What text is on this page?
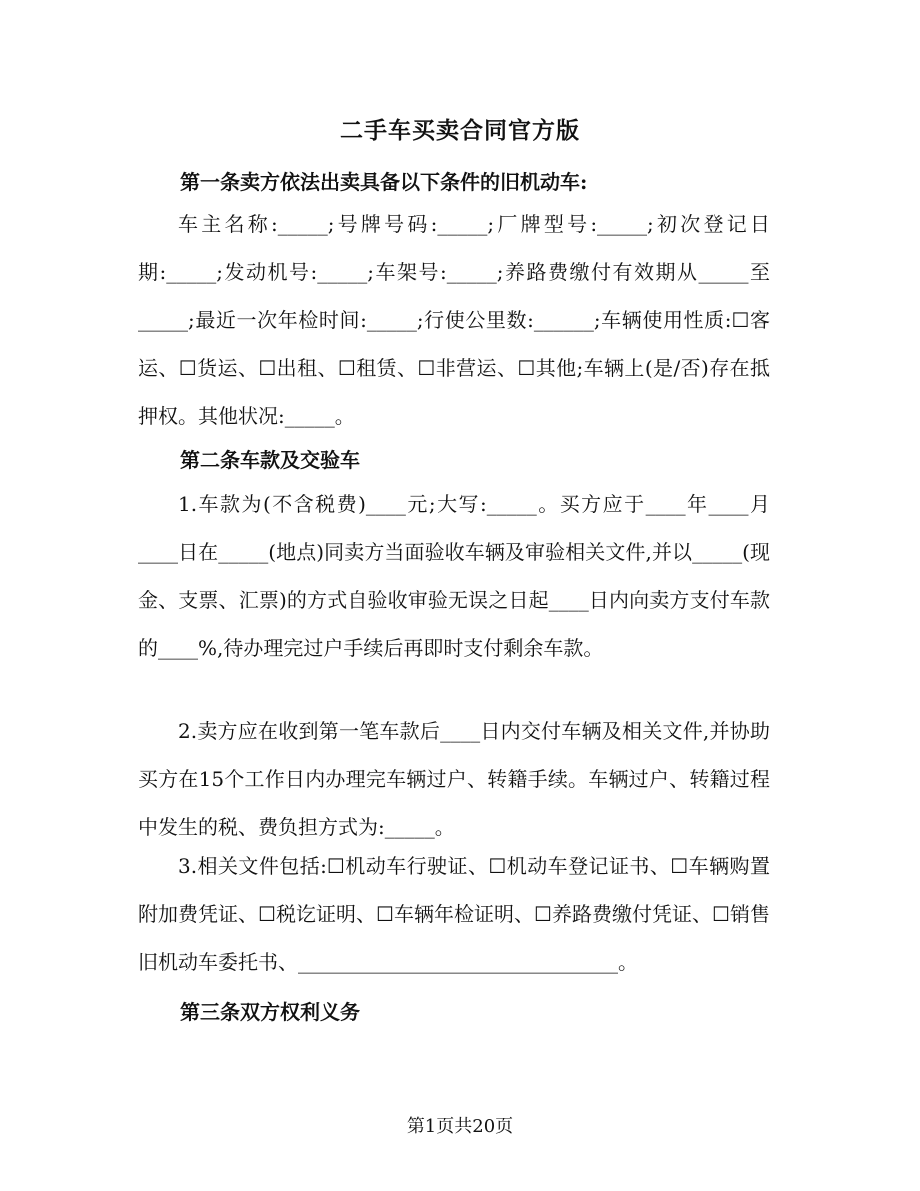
二手车买卖合同官方版
第一条卖方依法出卖具备以下条件的旧机动车:

车主名称:_____;号牌号码:_____;厂牌型号:_____;初次登记日期:_____;发动机号:_____;车架号:_____;养路费缴付有效期从_____至_____;最近一次年检时间:_____;行使公里数:______;车辆使用性质:☐客运、☐货运、☐出租、☐租赁、☐非营运、☐其他;车辆上(是/否)存在抵押权。其他状况:_____。

第二条车款及交验车

1.车款为(不含税费)____元;大写:_____。买方应于____年____月____日在_____(地点)同卖方当面验收车辆及审验相关文件,并以_____(现金、支票、汇票)的方式自验收审验无误之日起____日内向卖方支付车款的____%,待办理完过户手续后再即时支付剩余车款。

2.卖方应在收到第一笔车款后____日内交付车辆及相关文件,并协助买方在15个工作日内办理完车辆过户、转籍手续。车辆过户、转籍过程中发生的税、费负担方式为:_____。

3.相关文件包括:☐机动车行驶证、☐机动车登记证书、☐车辆购置附加费凭证、☐税讫证明、☐车辆年检证明、☐养路费缴付凭证、☐销售旧机动车委托书、________________________________。

第三条双方权利义务
第1页共20页
